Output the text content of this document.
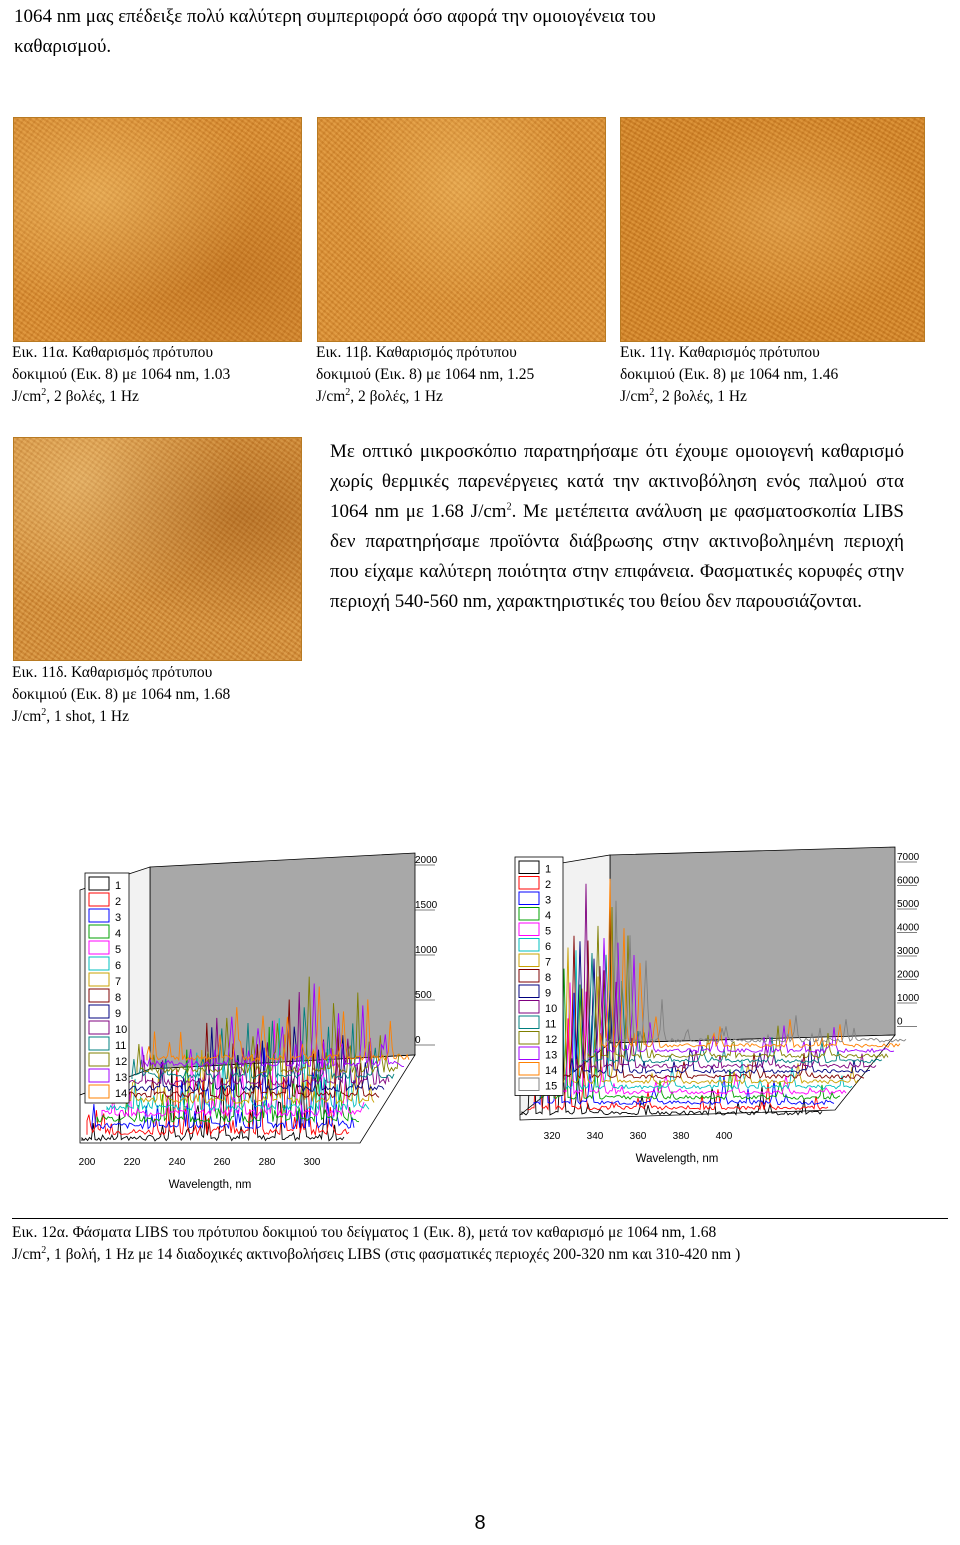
1064 nm μας επέδειξε πολύ καλύτερη συμπεριφορά όσο αφορά την ομοιογένεια του
καθαρισμού.
Εικ. 11α. Καθαρισμός πρότυπου
δοκιμιού (Εικ. 8) με 1064 nm, 1.03
$J/cm^2$, 2 βολές, 1 Hz
Εικ. 11β. Καθαρισμός πρότυπου
δοκιμιού (Εικ. 8) με 1064 nm, 1.25
$J/cm^2$, 2 βολές, 1 Hz
Εικ. 11γ. Καθαρισμός πρότυπου
δοκιμιού (Εικ. 8) με 1064 nm, 1.46
$J/cm^2$, 2 βολές, 1 Hz
Εικ. 11δ. Καθαρισμός πρότυπου
δοκιμιού (Εικ. 8) με 1064 nm, 1.68
$J/cm^2$, 1 shot, 1 Hz
Με οπτικό μικροσκόπιο παρατηρήσαμε ότι έχουμε ομοιογενή καθαρισμό χωρίς θερμικές παρενέργειες κατά την ακτινοβόληση ενός παλμού στα 1064 nm με 1.68 $J/cm^2$. Με μετέπειτα ανάλυση με φασματοσκοπία LIBS δεν παρατηρήσαμε προϊόντα διάβρωσης στην ακτινοβολημένη περιοχή που είχαμε καλύτερη ποιότητα στην επιφάνεια. Φασματικές κορυφές στην περιοχή 540-560 nm, χαρακτηριστικές του θείου δεν παρουσιάζονται.
1
2
3
4
5
6
7
8
9
10
11
12
13
14
200	220	240	260	280	300
2000
1500
1000
500
0
Wavelength, nm
1
2
3
4
5
6
7
8
9
10
11
12
13
14
15
320	340	360	380	400
7000
6000
5000
4000
3000
2000
1000
0
Wavelength, nm
Εικ. 12α. Φάσματα LIBS του πρότυπου δοκιμιού του δείγματος 1 (Εικ. 8), μετά τον καθαρισμό με 1064 nm, 1.68
$J/cm^2$, 1 βολή, 1 Hz με 14 διαδοχικές ακτινοβολήσεις LIBS (στις φασματικές περιοχές 200-320 nm και 310-420 nm )
8
